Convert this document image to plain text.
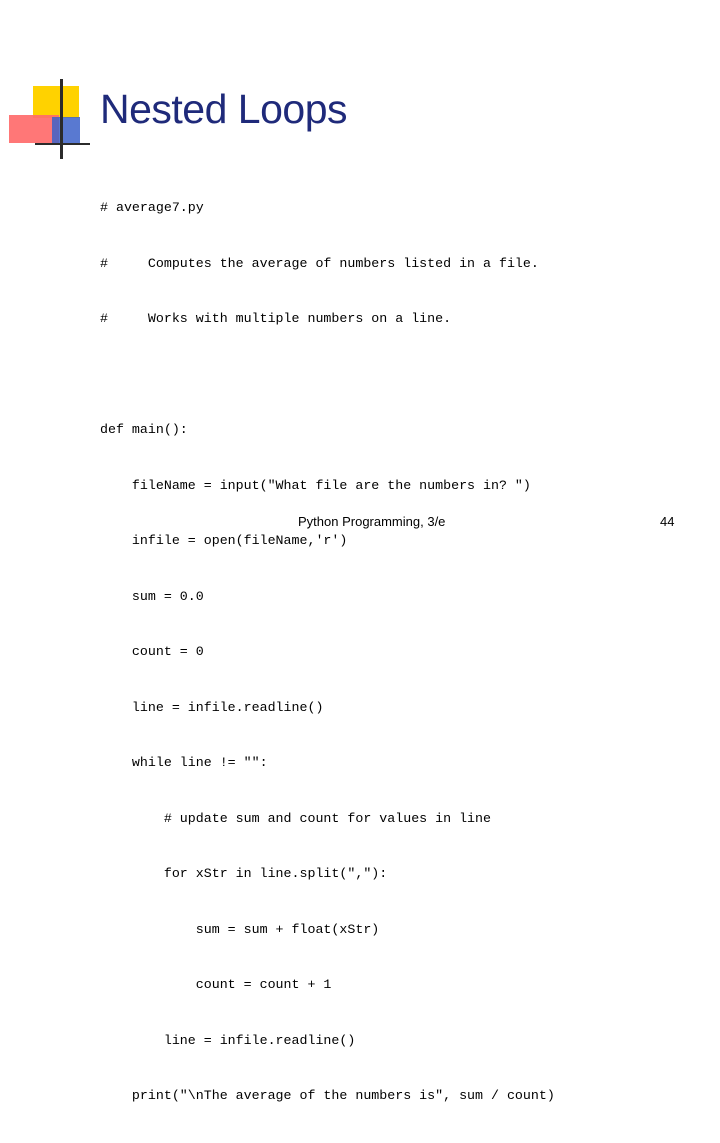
Nested Loops

# average7.py

#     Computes the average of numbers listed in a file.

#     Works with multiple numbers on a line.

def main():

fileName = input("What file are the numbers in? ")

infile = open(fileName,'r')

sum = 0.0

count = 0

line = infile.readline()

while line != "":

# update sum and count for values in line

for xStr in line.split(","):

sum = sum + float(xStr)

count = count + 1

line = infile.readline()

print("\nThe average of the numbers is", sum / count)

Python Programming, 3/e	44
